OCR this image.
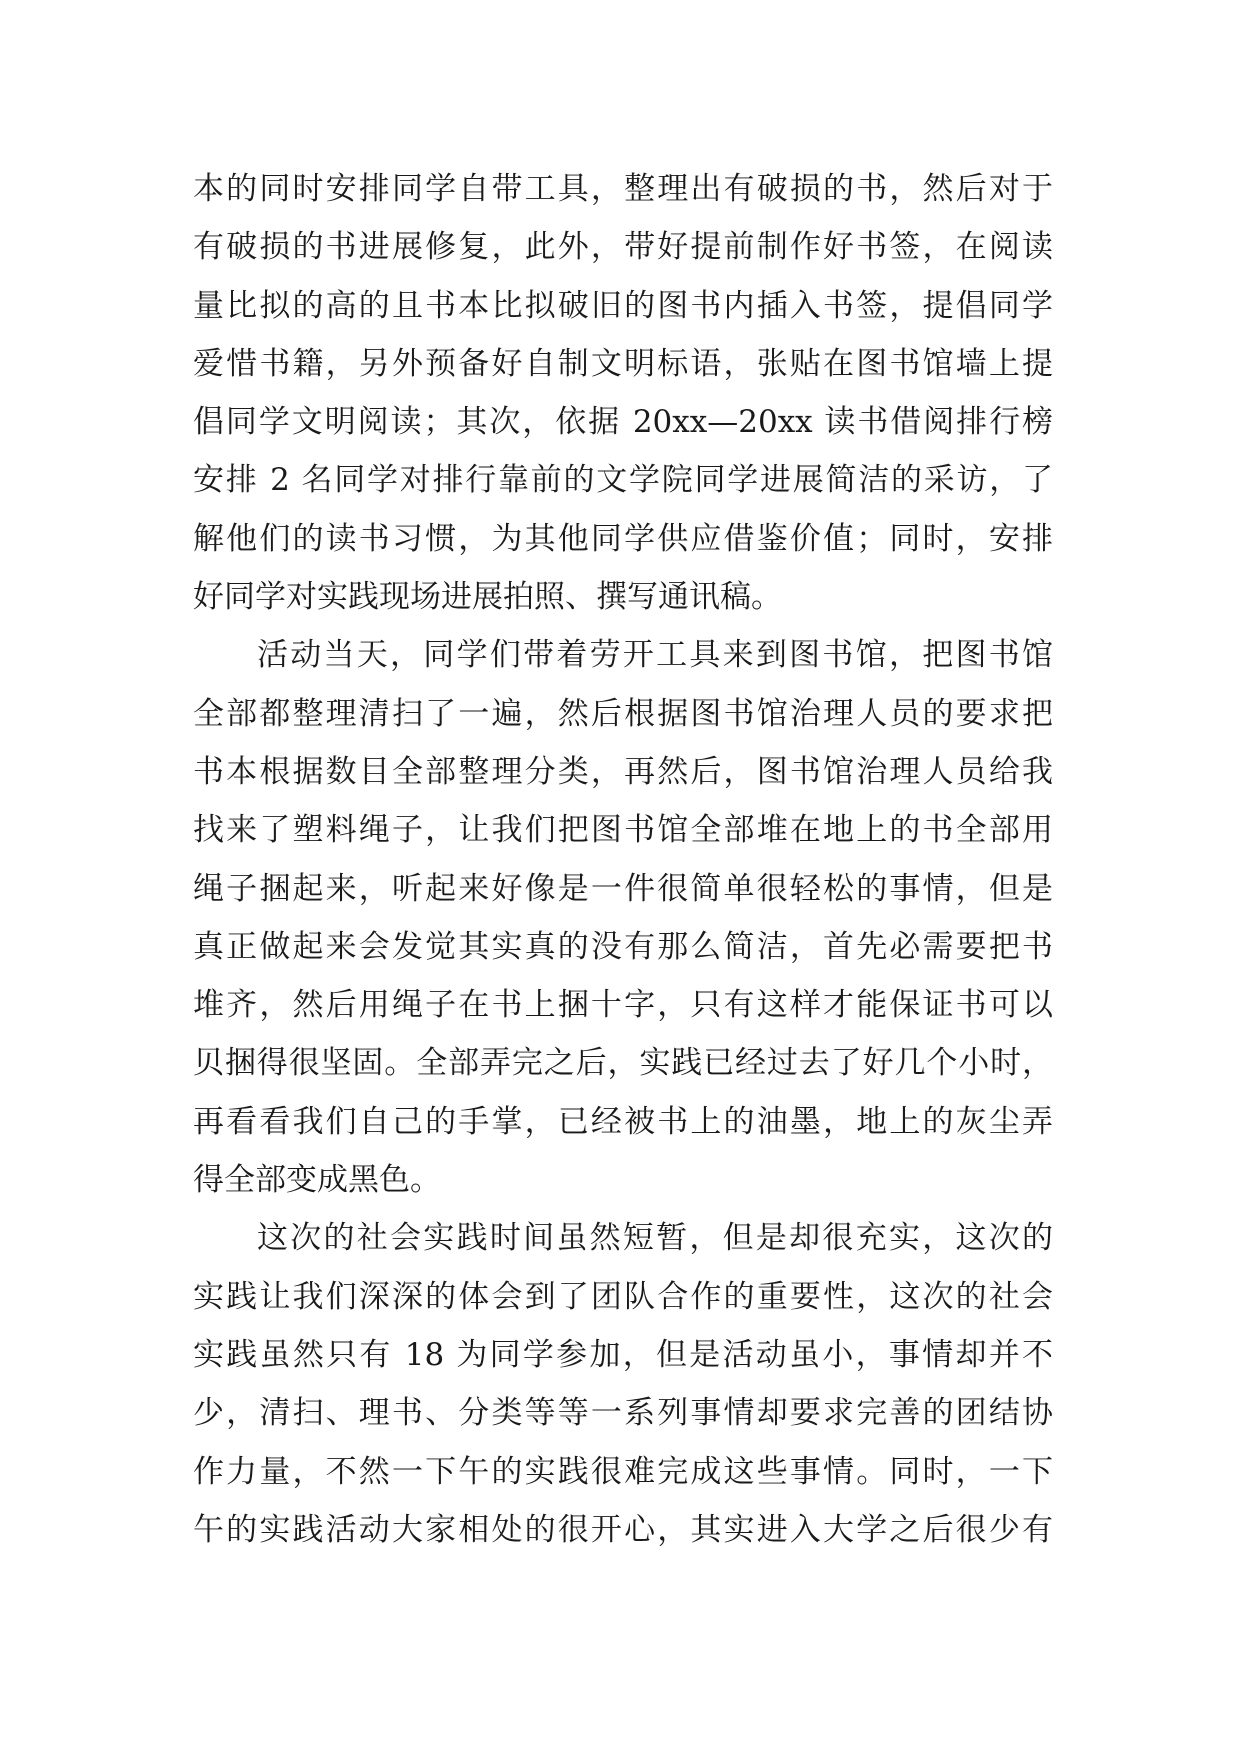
本的同时安排同学自带工具，整理出有破损的书，然后对于
有破损的书进展修复，此外，带好提前制作好书签，在阅读
量比拟的高的且书本比拟破旧的图书内插入书签，提倡同学
爱惜书籍，另外预备好自制文明标语，张贴在图书馆墙上提
倡同学文明阅读；其次，依据 20xx—20xx 读书借阅排行榜
安排 2 名同学对排行靠前的文学院同学进展简洁的采访，了
解他们的读书习惯，为其他同学供应借鉴价值；同时，安排
好同学对实践现场进展拍照、撰写通讯稿。
活动当天，同学们带着劳开工具来到图书馆，把图书馆
全部都整理清扫了一遍，然后根据图书馆治理人员的要求把
书本根据数目全部整理分类，再然后，图书馆治理人员给我
找来了塑料绳子，让我们把图书馆全部堆在地上的书全部用
绳子捆起来，听起来好像是一件很简单很轻松的事情，但是
真正做起来会发觉其实真的没有那么简洁，首先必需要把书
堆齐，然后用绳子在书上捆十字，只有这样才能保证书可以
贝捆得很坚固。全部弄完之后，实践已经过去了好几个小时，
再看看我们自己的手掌，已经被书上的油墨，地上的灰尘弄
得全部变成黑色。
这次的社会实践时间虽然短暂，但是却很充实，这次的
实践让我们深深的体会到了团队合作的重要性，这次的社会
实践虽然只有 18 为同学参加，但是活动虽小，事情却并不
少，清扫、理书、分类等等一系列事情却要求完善的团结协
作力量，不然一下午的实践很难完成这些事情。同时，一下
午的实践活动大家相处的很开心，其实进入大学之后很少有
